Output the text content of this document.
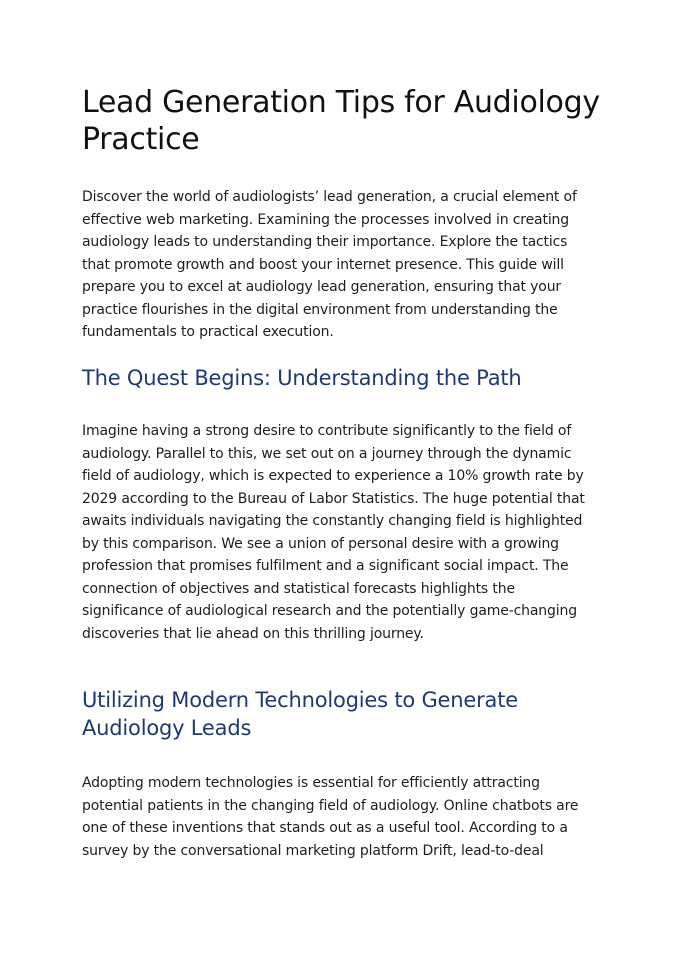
Lead Generation Tips for Audiology Practice

Discover the world of audiologists’ lead generation, a crucial element of effective web marketing. Examining the processes involved in creating audiology leads to understanding their importance. Explore the tactics that promote growth and boost your internet presence. This guide will prepare you to excel at audiology lead generation, ensuring that your practice flourishes in the digital environment from understanding the fundamentals to practical execution.

The Quest Begins: Understanding the Path

Imagine having a strong desire to contribute significantly to the field of audiology. Parallel to this, we set out on a journey through the dynamic field of audiology, which is expected to experience a 10% growth rate by 2029 according to the Bureau of Labor Statistics. The huge potential that awaits individuals navigating the constantly changing field is highlighted by this comparison. We see a union of personal desire with a growing profession that promises fulfilment and a significant social impact. The connection of objectives and statistical forecasts highlights the significance of audiological research and the potentially game-changing discoveries that lie ahead on this thrilling journey.

Utilizing Modern Technologies to Generate Audiology Leads

Adopting modern technologies is essential for efficiently attracting potential patients in the changing field of audiology. Online chatbots are one of these inventions that stands out as a useful tool. According to a survey by the conversational marketing platform Drift, lead-to-deal
